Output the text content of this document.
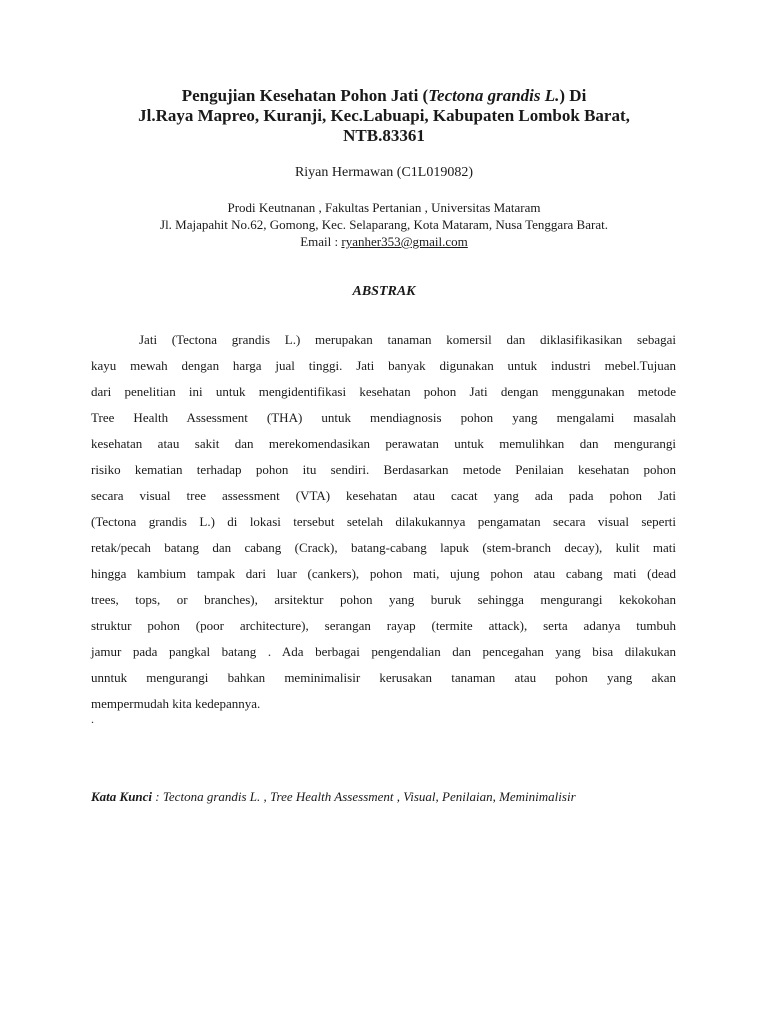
Pengujian Kesehatan Pohon Jati (Tectona grandis L.) Di
Jl.Raya Mapreo, Kuranji, Kec.Labuapi, Kabupaten Lombok Barat,
NTB.83361
Riyan Hermawan (C1L019082)
Prodi Keutnanan , Fakultas Pertanian , Universitas Mataram
Jl. Majapahit No.62, Gomong, Kec. Selaparang, Kota Mataram, Nusa Tenggara Barat.
Email : ryanher353@gmail.com
ABSTRAK
Jati (Tectona grandis L.) merupakan tanaman komersil dan diklasifikasikan sebagai
kayu mewah dengan harga jual tinggi. Jati banyak digunakan untuk industri mebel.Tujuan
dari penelitian ini untuk mengidentifikasi kesehatan pohon Jati dengan menggunakan metode
Tree Health Assessment (THA) untuk mendiagnosis pohon yang mengalami masalah
kesehatan atau sakit dan merekomendasikan perawatan untuk memulihkan dan mengurangi
risiko kematian terhadap pohon itu sendiri. Berdasarkan metode Penilaian kesehatan pohon
secara visual tree assessment (VTA) kesehatan atau cacat yang ada pada pohon Jati
(Tectona grandis L.) di lokasi tersebut setelah dilakukannya pengamatan secara visual seperti
retak/pecah batang dan cabang (Crack), batang-cabang lapuk (stem-branch decay), kulit mati
hingga kambium tampak dari luar (cankers), pohon mati, ujung pohon atau cabang mati (dead
trees, tops, or branches), arsitektur pohon yang buruk sehingga mengurangi kekokohan
struktur pohon (poor architecture), serangan rayap (termite attack), serta adanya tumbuh
jamur pada pangkal batang . Ada berbagai pengendalian dan pencegahan yang bisa dilakukan
unntuk mengurangi bahkan meminimalisir kerusakan tanaman atau pohon yang akan
mempermudah kita kedepannya.
.
Kata Kunci : Tectona grandis L. , Tree Health Assessment , Visual, Penilaian, Meminimalisir
